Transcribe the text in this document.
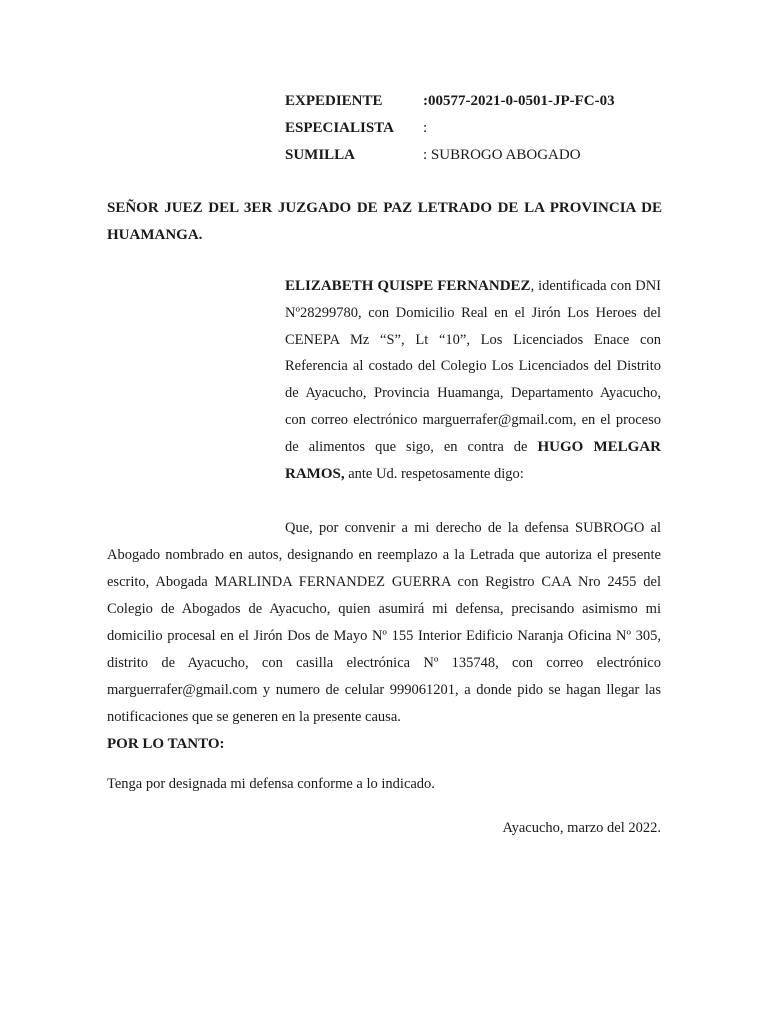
EXPEDIENTE	:00577-2021-0-0501-JP-FC-03
ESPECIALISTA	:
SUMILLA	: SUBROGO ABOGADO
SEÑOR JUEZ DEL 3ER JUZGADO DE PAZ LETRADO DE LA PROVINCIA DE HUAMANGA.
ELIZABETH QUISPE FERNANDEZ, identificada con DNI Nº28299780, con Domicilio Real en el Jirón Los Heroes del CENEPA Mz “S”, Lt “10”, Los Licenciados Enace con Referencia al costado del Colegio Los Licenciados del Distrito de Ayacucho, Provincia Huamanga, Departamento Ayacucho, con correo electrónico marguerrafer@gmail.com, en el proceso de alimentos que sigo, en contra de HUGO MELGAR RAMOS, ante Ud. respetosamente digo:
Que, por convenir a mi derecho de la defensa SUBROGO al Abogado nombrado en autos, designando en reemplazo a la Letrada que autoriza el presente escrito, Abogada MARLINDA FERNANDEZ GUERRA con Registro CAA Nro 2455 del Colegio de Abogados de Ayacucho, quien asumirá mi defensa, precisando asimismo mi domicilio procesal en el Jirón Dos de Mayo Nº 155 Interior Edificio Naranja Oficina Nº 305, distrito de Ayacucho, con casilla electrónica Nº 135748, con correo electrónico marguerrafer@gmail.com y numero de celular 999061201, a donde pido se hagan llegar las notificaciones que se generen en la presente causa.
POR LO TANTO:
Tenga por designada mi defensa conforme a lo indicado.
Ayacucho, marzo del 2022.
